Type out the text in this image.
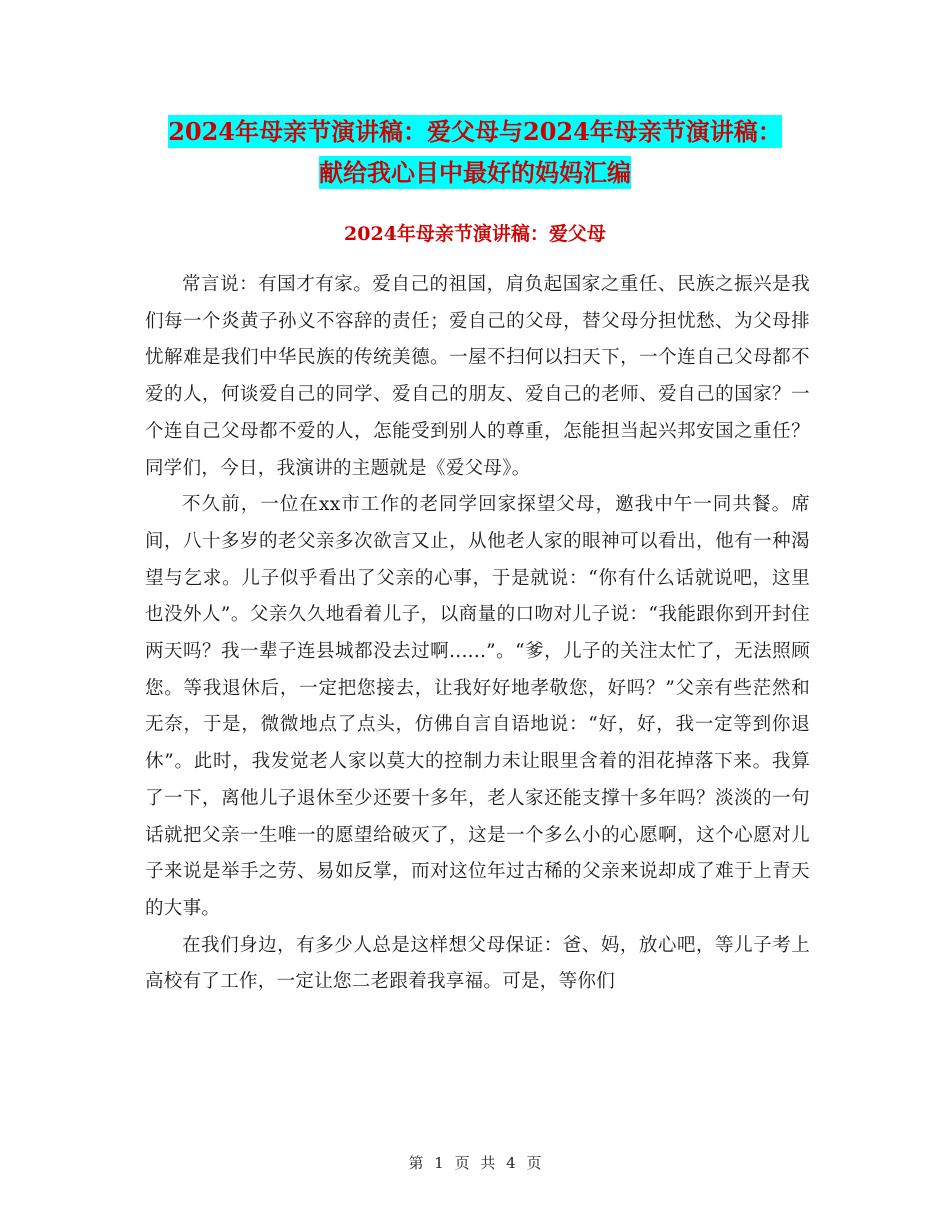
2024年母亲节演讲稿：爱父母与2024年母亲节演讲稿：
献给我心目中最好的妈妈汇编
2024年母亲节演讲稿：爱父母

常言说：有国才有家。爱自己的祖国，肩负起国家之重任、民族之振兴是我们每一个炎黄子孙义不容辞的责任；爱自己的父母，替父母分担忧愁、为父母排忧解难是我们中华民族的传统美德。一屋不扫何以扫天下，一个连自己父母都不爱的人，何谈爱自己的同学、爱自己的朋友、爱自己的老师、爱自己的国家？一个连自己父母都不爱的人，怎能受到别人的尊重，怎能担当起兴邦安国之重任？同学们，今日，我演讲的主题就是《爱父母》。

不久前，一位在xx市工作的老同学回家探望父母，邀我中午一同共餐。席间，八十多岁的老父亲多次欲言又止，从他老人家的眼神可以看出，他有一种渴望与乞求。儿子似乎看出了父亲的心事，于是就说：“你有什么话就说吧，这里也没外人”。父亲久久地看着儿子，以商量的口吻对儿子说：“我能跟你到开封住两天吗？我一辈子连县城都没去过啊......”。“爹，儿子的关注太忙了，无法照顾您。等我退休后，一定把您接去，让我好好地孝敬您，好吗？”父亲有些茫然和无奈，于是，微微地点了点头，仿佛自言自语地说：“好，好，我一定等到你退休”。此时，我发觉老人家以莫大的控制力未让眼里含着的泪花掉落下来。我算了一下，离他儿子退休至少还要十多年，老人家还能支撑十多年吗？淡淡的一句话就把父亲一生唯一的愿望给破灭了，这是一个多么小的心愿啊，这个心愿对儿子来说是举手之劳、易如反掌，而对这位年过古稀的父亲来说却成了难于上青天的大事。

在我们身边，有多少人总是这样想父母保证：爸、妈，放心吧，等儿子考上高校有了工作，一定让您二老跟着我享福。可是，等你们

第 1 页 共 4 页
